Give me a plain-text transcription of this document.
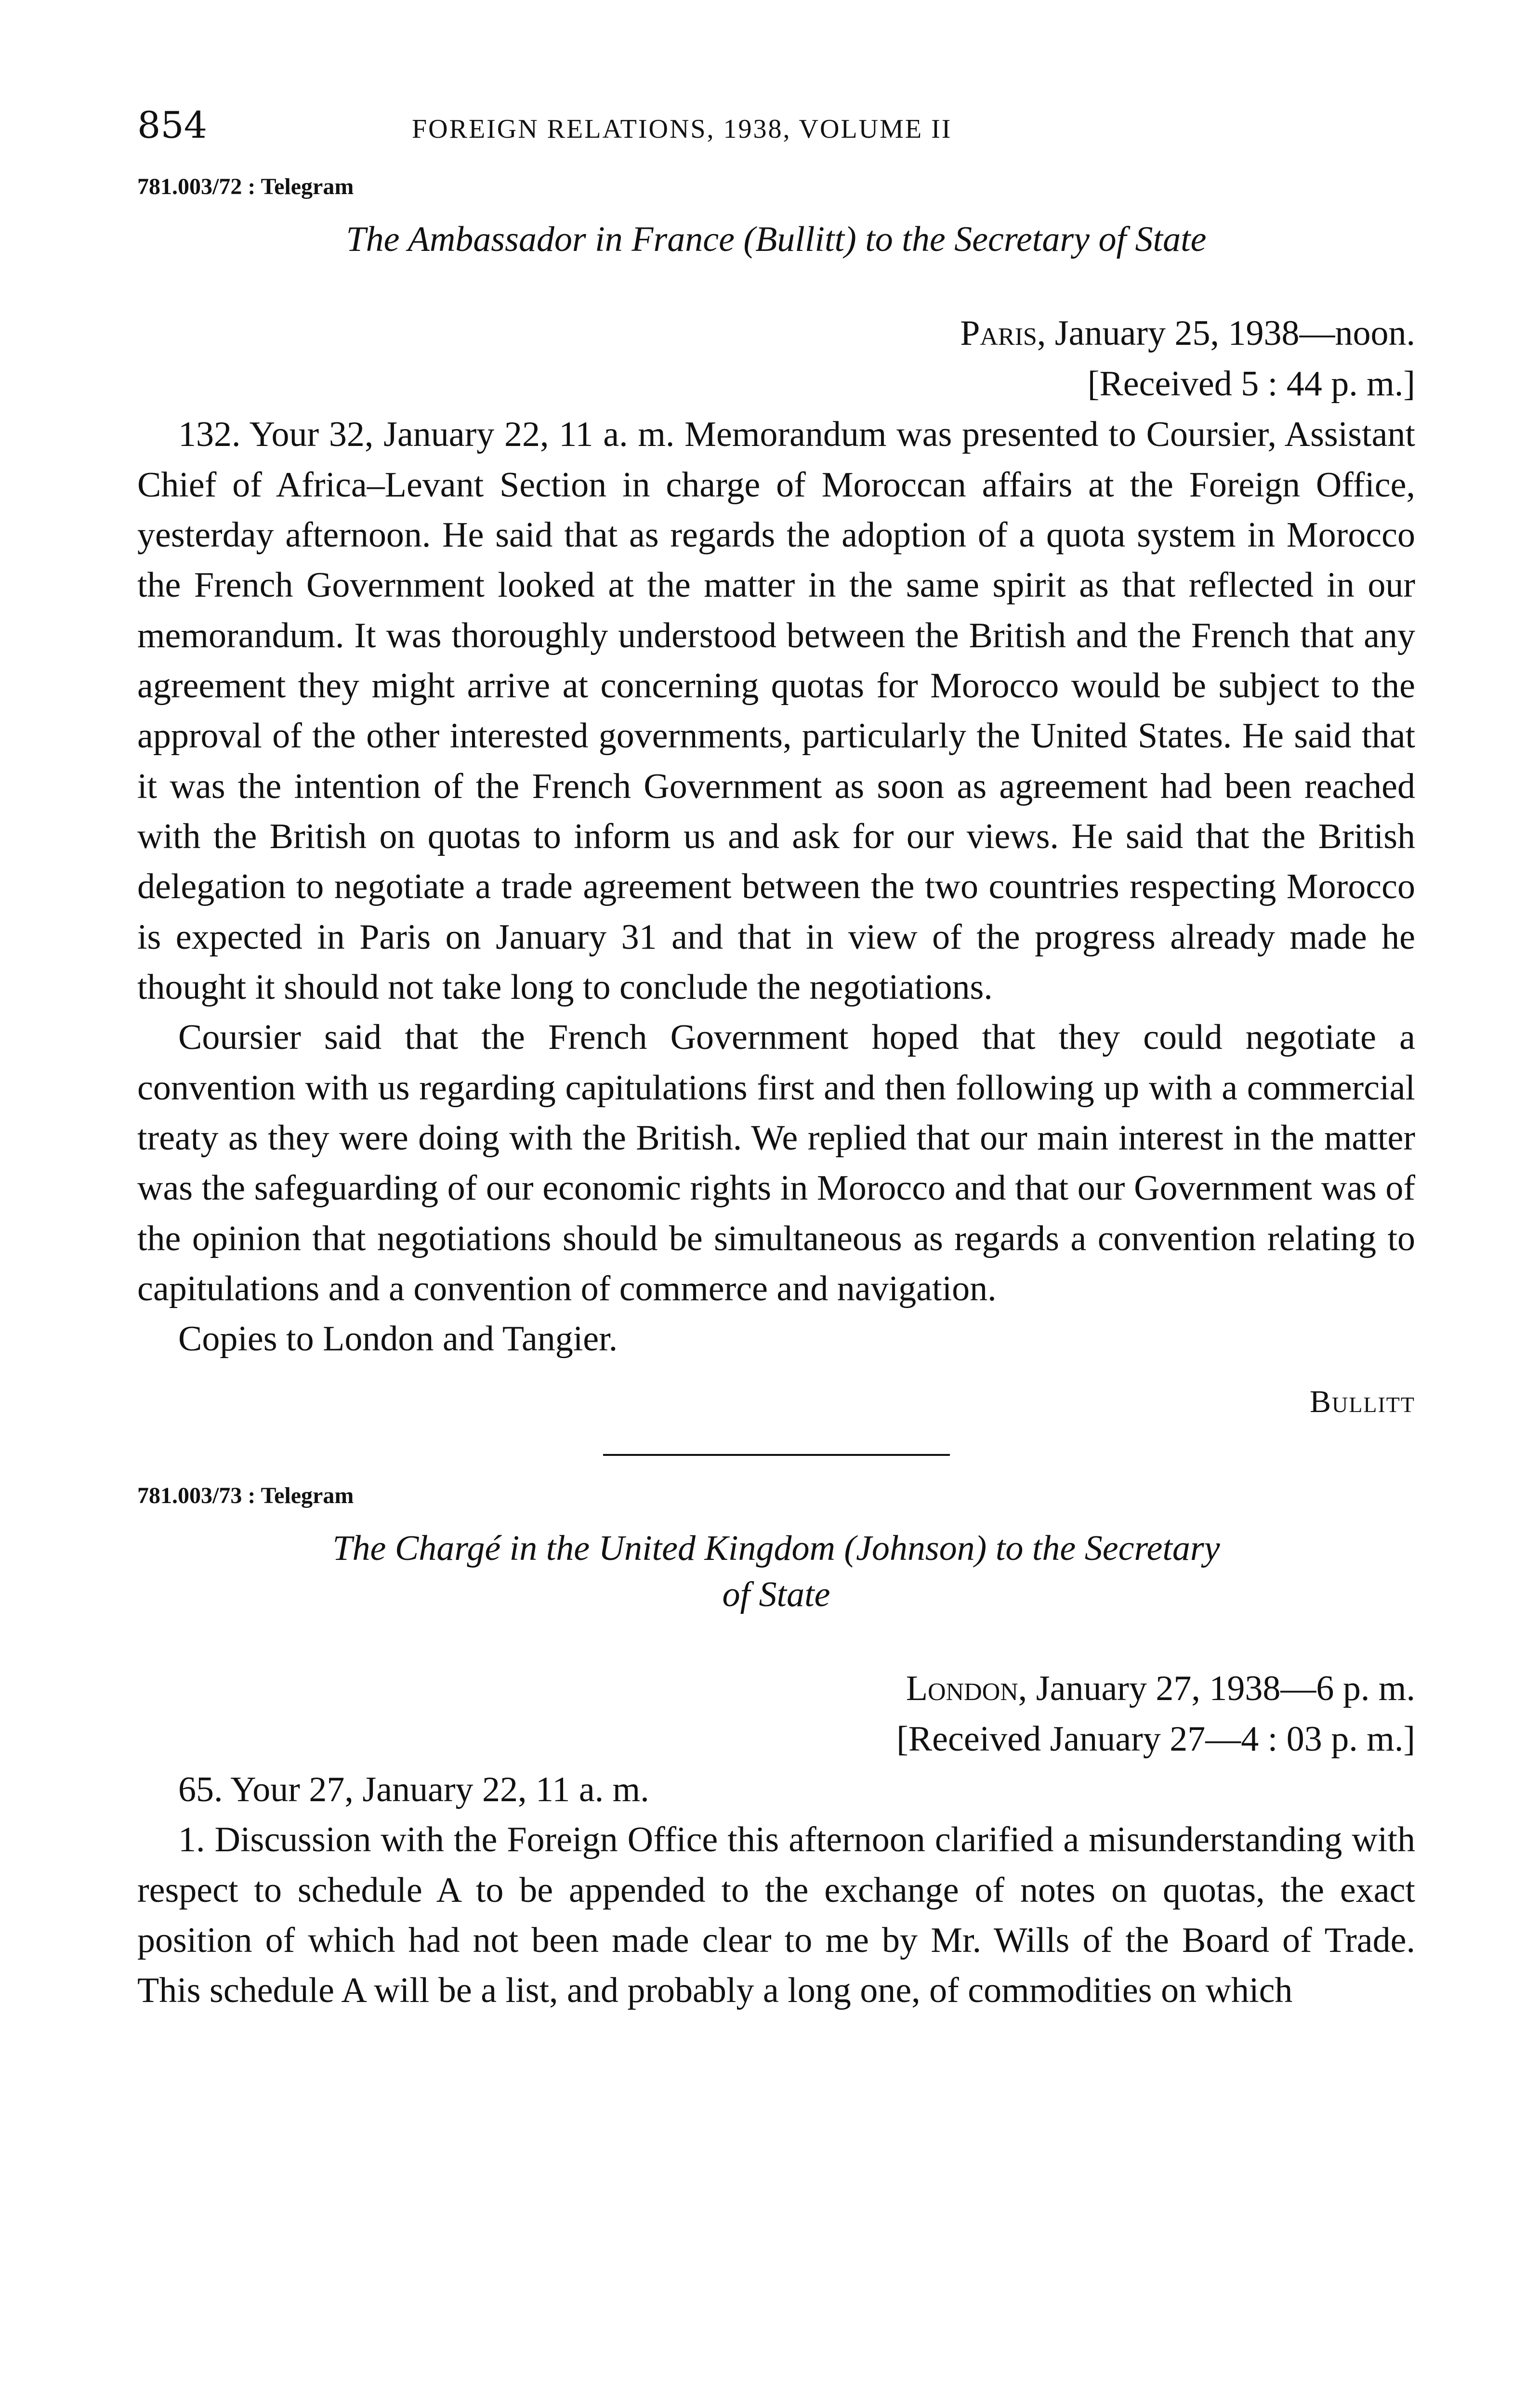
854	FOREIGN RELATIONS, 1938, VOLUME II
781.003/72 : Telegram
The Ambassador in France (Bullitt) to the Secretary of State
Paris, January 25, 1938—noon.
[Received 5 : 44 p. m.]

132. Your 32, January 22, 11 a. m. Memorandum was presented to Coursier, Assistant Chief of Africa–Levant Section in charge of Moroccan affairs at the Foreign Office, yesterday afternoon. He said that as regards the adoption of a quota system in Morocco the French Government looked at the matter in the same spirit as that reflected in our memorandum. It was thoroughly understood between the British and the French that any agreement they might arrive at concerning quotas for Morocco would be subject to the approval of the other interested governments, particularly the United States. He said that it was the intention of the French Government as soon as agreement had been reached with the British on quotas to inform us and ask for our views. He said that the British delegation to negotiate a trade agreement between the two countries respecting Morocco is expected in Paris on January 31 and that in view of the progress already made he thought it should not take long to conclude the negotiations.

Coursier said that the French Government hoped that they could negotiate a convention with us regarding capitulations first and then following up with a commercial treaty as they were doing with the British. We replied that our main interest in the matter was the safeguarding of our economic rights in Morocco and that our Government was of the opinion that negotiations should be simultaneous as regards a convention relating to capitulations and a convention of commerce and navigation.

Copies to London and Tangier.

Bullitt
781.003/73 : Telegram
The Chargé in the United Kingdom (Johnson) to the Secretary
of State
London, January 27, 1938—6 p. m.
[Received January 27—4 : 03 p. m.]

65. Your 27, January 22, 11 a. m.

1. Discussion with the Foreign Office this afternoon clarified a misunderstanding with respect to schedule A to be appended to the exchange of notes on quotas, the exact position of which had not been made clear to me by Mr. Wills of the Board of Trade. This schedule A will be a list, and probably a long one, of commodities on which
